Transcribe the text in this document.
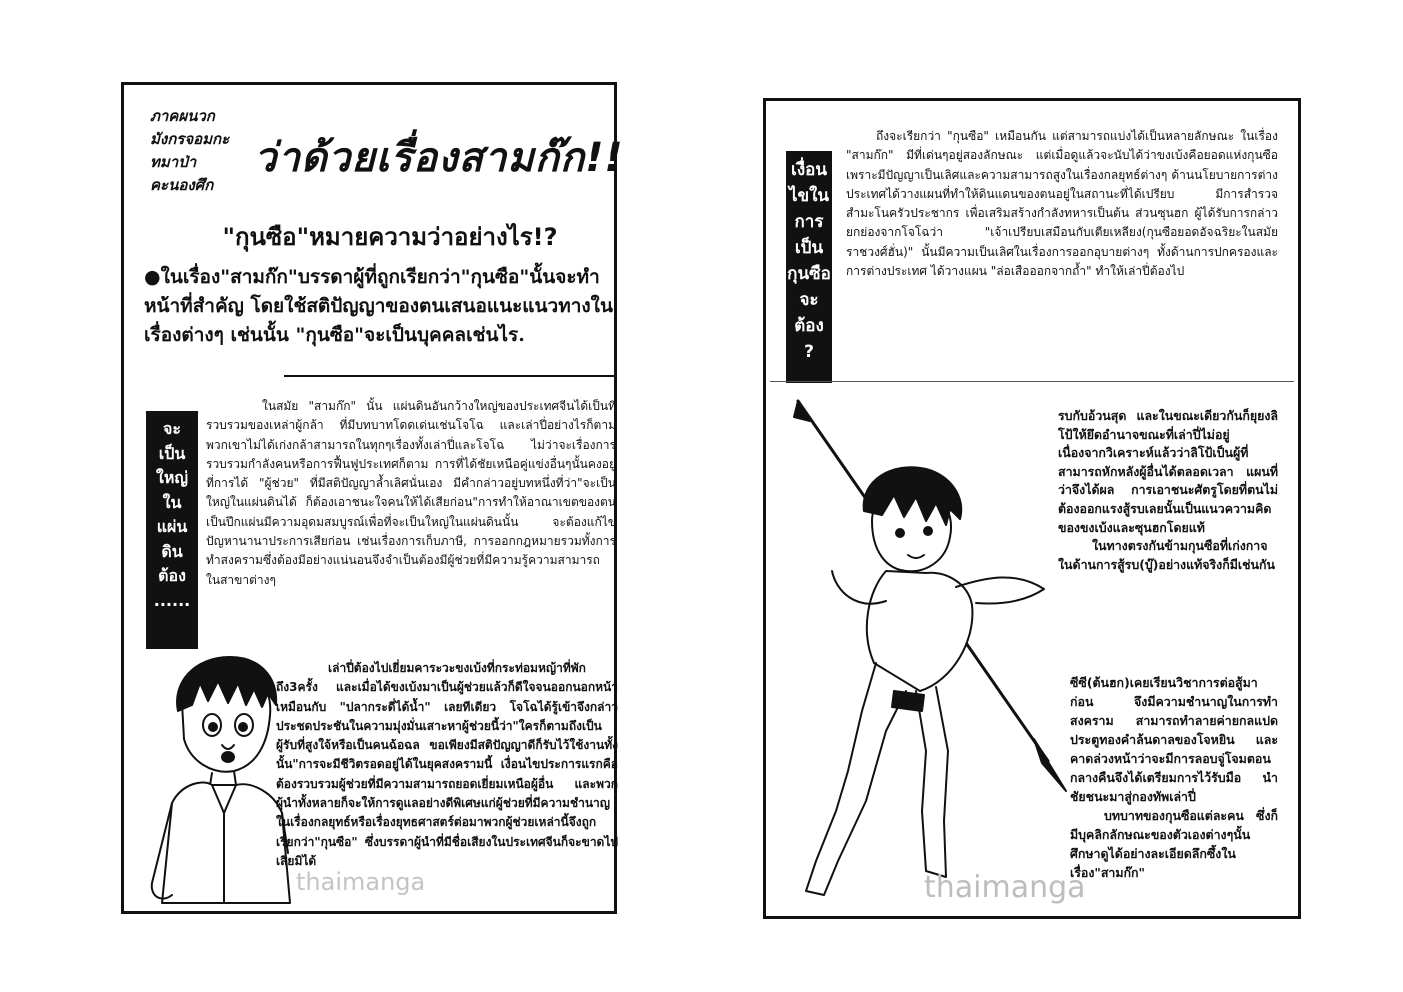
ภาคผนวก
มังกรจอมกะ
ทมาป่า
คะนองศึก
ว่าด้วยเรื่องสามก๊ก!!
"กุนซือ"หมายความว่าอย่างไร!?
●ในเรื่อง"สามก๊ก"บรรดาผู้ที่ถูกเรียกว่า"กุนซือ"นั้นจะทำหน้าที่สำคัญ โดยใช้สติปัญญาของตนเสนอแนะแนวทางในเรื่องต่างๆ เช่นนั้น "กุนซือ"จะเป็นบุคคลเช่นไร.
จะ
เป็น
ใหญ่
ใน
แผ่น
ดิน
ต้อง
......
ในสมัย "สามก๊ก" นั้น แผ่นดินอันกว้างใหญ่ของประเทศจีนได้เป็นที่รวบรวมของเหล่าผู้กล้า ที่มีบทบาทโดดเด่นเช่นโจโฉ และเล่าปี่อย่างไรก็ตาม พวกเขาไม่ได้เก่งกล้าสามารถในทุกๆเรื่องทั้งเล่าปี่และโจโฉ ไม่ว่าจะเรื่องการรวบรวมกำลังคนหรือการฟื้นฟูประเทศก็ตาม การที่ได้ชัยเหนือคู่แข่งอื่นๆนั้นคงอยู่ที่การได้ "ผู้ช่วย" ที่มีสติปัญญาล้ำเลิศนั่นเอง มีคำกล่าวอยู่บทหนึ่งที่ว่า"จะเป็นใหญ่ในแผ่นดินได้ ก็ต้องเอาชนะใจคนให้ได้เสียก่อน"การทำให้อาณาเขตของตนเป็นปึกแผ่นมีความอุดมสมบูรณ์เพื่อที่จะเป็นใหญ่ในแผ่นดินนั้น จะต้องแก้ไขปัญหานานาประการเสียก่อน เช่นเรื่องการเก็บภาษี, การออกกฎหมายรวมทั้งการทำสงครามซึ่งต้องมีอย่างแน่นอนจึงจำเป็นต้องมีผู้ช่วยที่มีความรู้ความสามารถ ในสาขาต่างๆ
เล่าปี่ต้องไปเยี่ยมคาระวะขงเบ้งที่กระท่อมหญ้าที่พักถึง3ครั้ง และเมื่อได้ขงเบ้งมาเป็นผู้ช่วยแล้วก็ดีใจจนออกนอกหน้า เหมือนกับ "ปลากระดี่ได้น้ำ" เลยทีเดียว โจโฉได้รู้เข้าจึงกล่าวประชดประชันในความมุ่งมั่นเสาะหาผู้ช่วยนี้ว่า"ใครก็ตามถึงเป็นผู้รับที่สูงใจ้หรือเป็นคนฉ้อฉล ขอเพียงมีสติปัญญาดีก็รับไว้ใช้งานทั้งนั้น"การจะมีชีวิตรอดอยู่ได้ในยุคสงครามนี้ เงื่อนไขประการแรกคือ ต้องรวบรวมผู้ช่วยที่มีความสามารถยอดเยี่ยมเหนือผู้อื่น และพวกผู้นำทั้งหลายก็จะให้การดูแลอย่างดีพิเศษแก่ผู้ช่วยที่มีความชำนาญในเรื่องกลยุทธ์หรือเรื่องยุทธศาสตร์ต่อมาพวกผู้ช่วยเหล่านี้จึงถูกเรียกว่า"กุนซือ" ซึ่งบรรดาผู้นำที่มีชื่อเสียงในประเทศจีนก็จะขาดไปเสียมิได้
เงื่อน
ไขใน
การ
เป็น
กุนซือ
จะ
ต้อง
?
ถึงจะเรียกว่า "กุนซือ" เหมือนกัน แต่สามารถแบ่งได้เป็นหลายลักษณะ ในเรื่อง "สามก๊ก" มีที่เด่นๆอยู่สองลักษณะ แต่เมื่อดูแล้วจะนับได้ว่าขงเบ้งคือยอดแห่งกุนซือ เพราะมีปัญญาเป็นเลิศและความสามารถสูงในเรื่องกลยุทธ์ต่างๆ ด้านนโยบายการต่างประเทศได้วางแผนที่ทำให้ดินแดนของตนอยู่ในสถานะที่ได้เปรียบ มีการสำรวจสำมะโนครัวประชากร เพื่อเสริมสร้างกำลังทหารเป็นต้น ส่วนซุนฮก ผู้ได้รับการกล่าวยกย่องจากโจโฉว่า "เจ้าเปรียบเสมือนกับเตียเหลียง(กุนซือยอดอัจฉริยะในสมัยราชวงศ์ฮั่น)" นั้นมีความเป็นเลิศในเรื่องการออกอุบายต่างๆ ทั้งด้านการปกครองและการต่างประเทศ ได้วางแผน "ล่อเสือออกจากถ้ำ" ทำให้เล่าปี่ต้องไป
รบกับอ้วนสุด และในขณะเดียวกันก็ยุยงลิโป้ให้ยึดอำนาจขณะที่เล่าปี่ไม่อยู่ เนื่องจากวิเคราะห์แล้วว่าลิโป้เป็นผู้ที่สามารถหักหลังผู้อื่นได้ตลอดเวลา แผนที่ว่าจึงได้ผล การเอาชนะศัตรูโดยที่ตนไม่ต้องออกแรงสู้รบเลยนั้นเป็นแนวความคิดของขงเบ้งและซุนฮกโดยแท้
ในทางตรงกันข้ามกุนซือที่เก่งกาจในด้านการสู้รบ(บู๊)อย่างแท้จริงก็มีเช่นกัน
ซีซี(ต้นฮก)เคยเรียนวิชาการต่อสู้มาก่อน จึงมีความชำนาญในการทำสงคราม สามารถทำลายค่ายกลแปดประตูทองคำล้นดาลของโจหยิน และคาดล่วงหน้าว่าจะมีการลอบจู่โจมตอนกลางคืนจึงได้เตรียมการไว้รับมือ นำชัยชนะมาสู่กองทัพเล่าปี่
บทบาทของกุนซือแต่ละคน ซึ่งก็มีบุคลิกลักษณะของตัวเองต่างๆนั้นศึกษาดูได้อย่างละเอียดลึกซึ้งในเรื่อง"สามก๊ก"
thaimanga
thaimanga
